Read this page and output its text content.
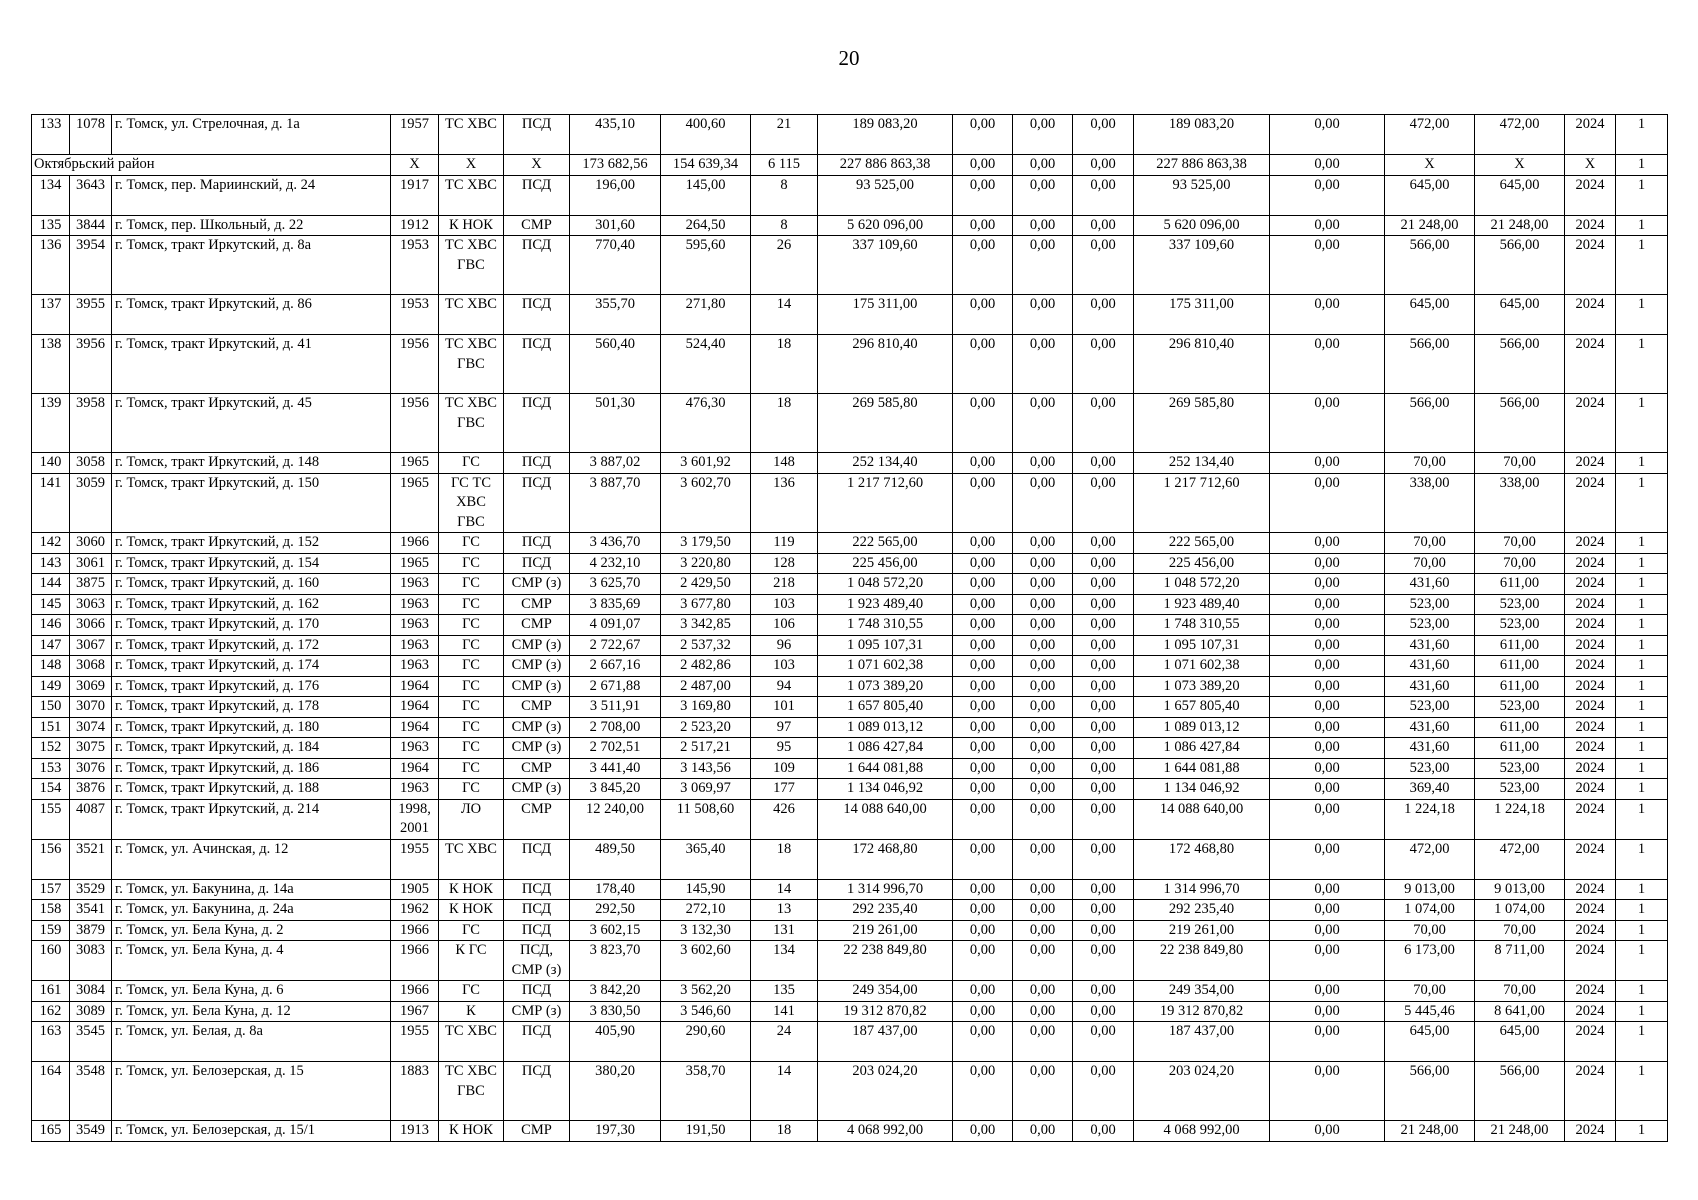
20
133	1078	г. Томск, ул. Стрелочная, д. 1а	1957	ТС ХВС	ПСД	435,10	400,60	21	189 083,20	0,00	0,00	0,00	189 083,20	0,00	472,00	472,00	2024	1
Октябрьский район			X	X	X	173 682,56	154 639,34	6 115	227 886 863,38	0,00	0,00	0,00	227 886 863,38	0,00	X	X	X	1
134	3643	г. Томск, пер. Мариинский, д. 24	1917	ТС ХВС	ПСД	196,00	145,00	8	93 525,00	0,00	0,00	0,00	93 525,00	0,00	645,00	645,00	2024	1
135	3844	г. Томск, пер. Школьный, д. 22	1912	К НОК	СМР	301,60	264,50	8	5 620 096,00	0,00	0,00	0,00	5 620 096,00	0,00	21 248,00	21 248,00	2024	1
136	3954	г. Томск, тракт Иркутский, д. 8а	1953	ТС ХВС ГВС	ПСД	770,40	595,60	26	337 109,60	0,00	0,00	0,00	337 109,60	0,00	566,00	566,00	2024	1
137	3955	г. Томск, тракт Иркутский, д. 86	1953	ТС ХВС	ПСД	355,70	271,80	14	175 311,00	0,00	0,00	0,00	175 311,00	0,00	645,00	645,00	2024	1
138	3956	г. Томск, тракт Иркутский, д. 41	1956	ТС ХВС ГВС	ПСД	560,40	524,40	18	296 810,40	0,00	0,00	0,00	296 810,40	0,00	566,00	566,00	2024	1
139	3958	г. Томск, тракт Иркутский, д. 45	1956	ТС ХВС ГВС	ПСД	501,30	476,30	18	269 585,80	0,00	0,00	0,00	269 585,80	0,00	566,00	566,00	2024	1
140	3058	г. Томск, тракт Иркутский, д. 148	1965	ГС	ПСД	3 887,02	3 601,92	148	252 134,40	0,00	0,00	0,00	252 134,40	0,00	70,00	70,00	2024	1
141	3059	г. Томск, тракт Иркутский, д. 150	1965	ГС ТС ХВС ГВС	ПСД	3 887,70	3 602,70	136	1 217 712,60	0,00	0,00	0,00	1 217 712,60	0,00	338,00	338,00	2024	1
142	3060	г. Томск, тракт Иркутский, д. 152	1966	ГС	ПСД	3 436,70	3 179,50	119	222 565,00	0,00	0,00	0,00	222 565,00	0,00	70,00	70,00	2024	1
143	3061	г. Томск, тракт Иркутский, д. 154	1965	ГС	ПСД	4 232,10	3 220,80	128	225 456,00	0,00	0,00	0,00	225 456,00	0,00	70,00	70,00	2024	1
144	3875	г. Томск, тракт Иркутский, д. 160	1963	ГС	СМР (з)	3 625,70	2 429,50	218	1 048 572,20	0,00	0,00	0,00	1 048 572,20	0,00	431,60	611,00	2024	1
145	3063	г. Томск, тракт Иркутский, д. 162	1963	ГС	СМР	3 835,69	3 677,80	103	1 923 489,40	0,00	0,00	0,00	1 923 489,40	0,00	523,00	523,00	2024	1
146	3066	г. Томск, тракт Иркутский, д. 170	1963	ГС	СМР	4 091,07	3 342,85	106	1 748 310,55	0,00	0,00	0,00	1 748 310,55	0,00	523,00	523,00	2024	1
147	3067	г. Томск, тракт Иркутский, д. 172	1963	ГС	СМР (з)	2 722,67	2 537,32	96	1 095 107,31	0,00	0,00	0,00	1 095 107,31	0,00	431,60	611,00	2024	1
148	3068	г. Томск, тракт Иркутский, д. 174	1963	ГС	СМР (з)	2 667,16	2 482,86	103	1 071 602,38	0,00	0,00	0,00	1 071 602,38	0,00	431,60	611,00	2024	1
149	3069	г. Томск, тракт Иркутский, д. 176	1964	ГС	СМР (з)	2 671,88	2 487,00	94	1 073 389,20	0,00	0,00	0,00	1 073 389,20	0,00	431,60	611,00	2024	1
150	3070	г. Томск, тракт Иркутский, д. 178	1964	ГС	СМР	3 511,91	3 169,80	101	1 657 805,40	0,00	0,00	0,00	1 657 805,40	0,00	523,00	523,00	2024	1
151	3074	г. Томск, тракт Иркутский, д. 180	1964	ГС	СМР (з)	2 708,00	2 523,20	97	1 089 013,12	0,00	0,00	0,00	1 089 013,12	0,00	431,60	611,00	2024	1
152	3075	г. Томск, тракт Иркутский, д. 184	1963	ГС	СМР (з)	2 702,51	2 517,21	95	1 086 427,84	0,00	0,00	0,00	1 086 427,84	0,00	431,60	611,00	2024	1
153	3076	г. Томск, тракт Иркутский, д. 186	1964	ГС	СМР	3 441,40	3 143,56	109	1 644 081,88	0,00	0,00	0,00	1 644 081,88	0,00	523,00	523,00	2024	1
154	3876	г. Томск, тракт Иркутский, д. 188	1963	ГС	СМР (з)	3 845,20	3 069,97	177	1 134 046,92	0,00	0,00	0,00	1 134 046,92	0,00	369,40	523,00	2024	1
155	4087	г. Томск, тракт Иркутский, д. 214	1998, 2001	ЛО	СМР	12 240,00	11 508,60	426	14 088 640,00	0,00	0,00	0,00	14 088 640,00	0,00	1 224,18	1 224,18	2024	1
156	3521	г. Томск, ул. Ачинская, д. 12	1955	ТС ХВС	ПСД	489,50	365,40	18	172 468,80	0,00	0,00	0,00	172 468,80	0,00	472,00	472,00	2024	1
157	3529	г. Томск, ул. Бакунина, д. 14а	1905	К НОК	ПСД	178,40	145,90	14	1 314 996,70	0,00	0,00	0,00	1 314 996,70	0,00	9 013,00	9 013,00	2024	1
158	3541	г. Томск, ул. Бакунина, д. 24а	1962	К НОК	ПСД	292,50	272,10	13	292 235,40	0,00	0,00	0,00	292 235,40	0,00	1 074,00	1 074,00	2024	1
159	3879	г. Томск, ул. Бела Куна, д. 2	1966	ГС	ПСД	3 602,15	3 132,30	131	219 261,00	0,00	0,00	0,00	219 261,00	0,00	70,00	70,00	2024	1
160	3083	г. Томск, ул. Бела Куна, д. 4	1966	К ГС	ПСД, СМР (з)	3 823,70	3 602,60	134	22 238 849,80	0,00	0,00	0,00	22 238 849,80	0,00	6 173,00	8 711,00	2024	1
161	3084	г. Томск, ул. Бела Куна, д. 6	1966	ГС	ПСД	3 842,20	3 562,20	135	249 354,00	0,00	0,00	0,00	249 354,00	0,00	70,00	70,00	2024	1
162	3089	г. Томск, ул. Бела Куна, д. 12	1967	К	СМР (з)	3 830,50	3 546,60	141	19 312 870,82	0,00	0,00	0,00	19 312 870,82	0,00	5 445,46	8 641,00	2024	1
163	3545	г. Томск, ул. Белая, д. 8а	1955	ТС ХВС	ПСД	405,90	290,60	24	187 437,00	0,00	0,00	0,00	187 437,00	0,00	645,00	645,00	2024	1
164	3548	г. Томск, ул. Белозерская, д. 15	1883	ТС ХВС ГВС	ПСД	380,20	358,70	14	203 024,20	0,00	0,00	0,00	203 024,20	0,00	566,00	566,00	2024	1
165	3549	г. Томск, ул. Белозерская, д. 15/1	1913	К НОК	СМР	197,30	191,50	18	4 068 992,00	0,00	0,00	0,00	4 068 992,00	0,00	21 248,00	21 248,00	2024	1
